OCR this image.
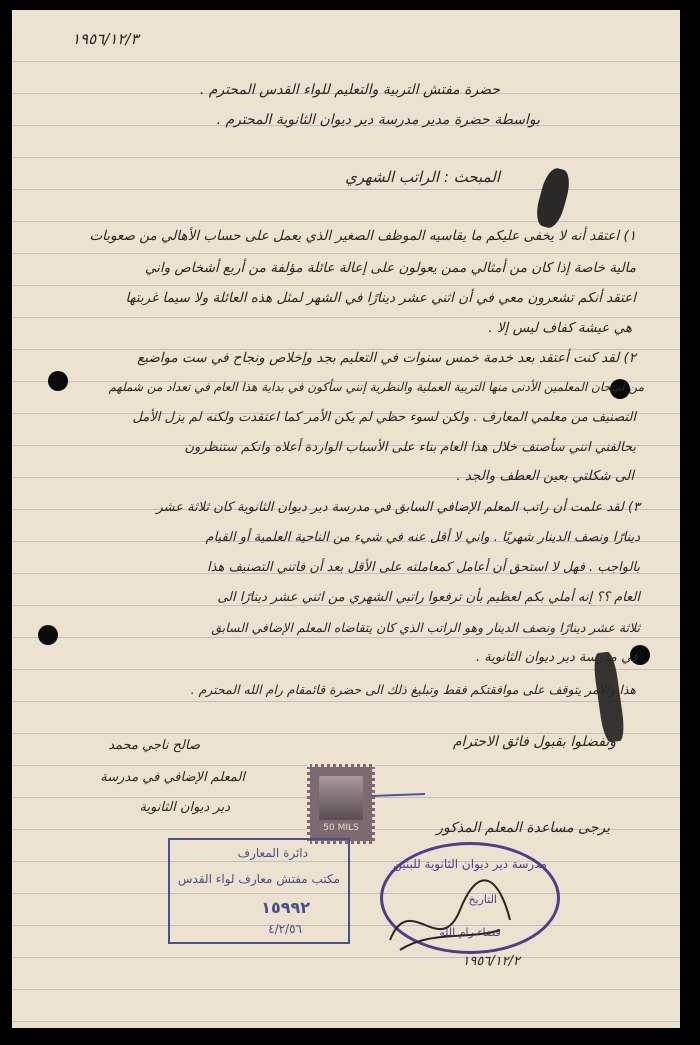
١٩٥٦/١٢/٣
حضرة مفتش التربية والتعليم للواء القدس المحترم .
بواسطة حضرة مدير مدرسة دير ديوان الثانوية المحترم .
المبحث : الراتب الشهري
١) اعتقد أنه لا يخفى عليكم ما يقاسيه الموظف الصغير الذي يعمل على حساب الأهالي من صعوبات
مالية خاصة إذا كان من أمثالي ممن يعولون على إعالة عائلة مؤلفة من أربع أشخاص واني
اعتقد أنكم تشعرون معي في أن اثني عشر دينارًا في الشهر لمثل هذه العائلة ولا سيما غربتها
هي عيشة كفاف ليس إلا .
٢) لقد كنت أعتقد بعد خدمة خمس سنوات في التعليم بجد وإخلاص ونجاح في ست مواضيع
من امتحان المعلمين الأدنى منها التربية العملية والنظرية إنني سأكون في بداية هذا العام في تعداد من شملهم
التصنيف من معلمي المعارف . ولكن لسوء حظي لم يكن الأمر كما اعتقدت ولكنه لم يزل الأمل
يحالفني انني سأصنف خلال هذا العام بناء على الأسباب الواردة أعلاه وانكم ستنظرون
الى شكلتي بعين العطف والجد .
٣) لقد علمت أن راتب المعلم الإضافي السابق في مدرسة دير ديوان الثانوية كان ثلاثة عشر
دينارًا ونصف الدينار شهريًا . واني لا أقل عنه في شيء من الناحية العلمية أو القيام
بالواجب . فهل لا استحق أن أعامل كمعاملته على الأقل بعد أن فاتني التصنيف هذا
العام ؟؟ إنه أملي بكم لعظيم بأن ترفعوا راتبي الشهري من اثني عشر دينارًا الى
ثلاثة عشر دينارًا ونصف الدينار وهو الراتب الذي كان يتقاضاه المعلم الإضافي السابق
في مدرسة دير ديوان الثانوية .
هذا والأمر يتوقف على موافقتكم فقط وتبليغ ذلك الى حضرة قائمقام رام الله المحترم .
وتفضلوا بقبول فائق الاحترام
صالح ناجي محمد
المعلم الإضافي في مدرسة
دير ديوان الثانوية
50 MILS	يرجى مساعدة المعلم المذكور
دائرة المعارف
مكتب مفتش معارف لواء القدس
١٥٩٩٢
٤/٢/٥٦
مدرسة دير ديوان الثانوية للبنين
التاريخ
قضاء رام الله
١٩٥٦/١٢/٢
